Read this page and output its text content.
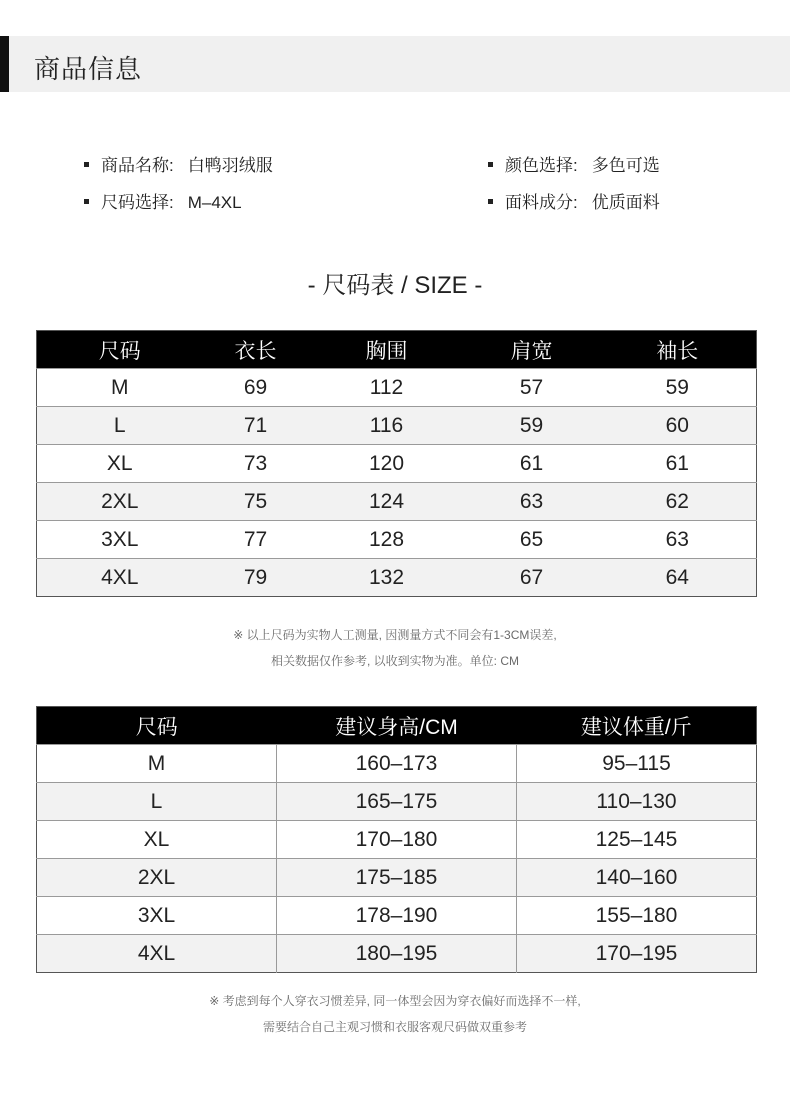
商品信息
商品名称: 白鸭羽绒服	颜色选择: 多色可选
尺码选择: M–4XL	面料成分: 优质面料
- 尺码表 / SIZE -
尺码	衣长	胸围	肩宽	袖长
M	69	112	57	59
L	71	116	59	60
XL	73	120	61	61
2XL	75	124	63	62
3XL	77	128	65	63
4XL	79	132	67	64
※ 以上尺码为实物人工测量, 因测量方式不同会有1-3CM误差,
相关数据仅作参考, 以收到实物为准。单位: CM
尺码	建议身高/CM	建议体重/斤
M	160–173	95–115
L	165–175	110–130
XL	170–180	125–145
2XL	175–185	140–160
3XL	178–190	155–180
4XL	180–195	170–195
※ 考虑到每个人穿衣习惯差异, 同一体型会因为穿衣偏好而选择不一样,
需要结合自己主观习惯和衣服客观尺码做双重参考
